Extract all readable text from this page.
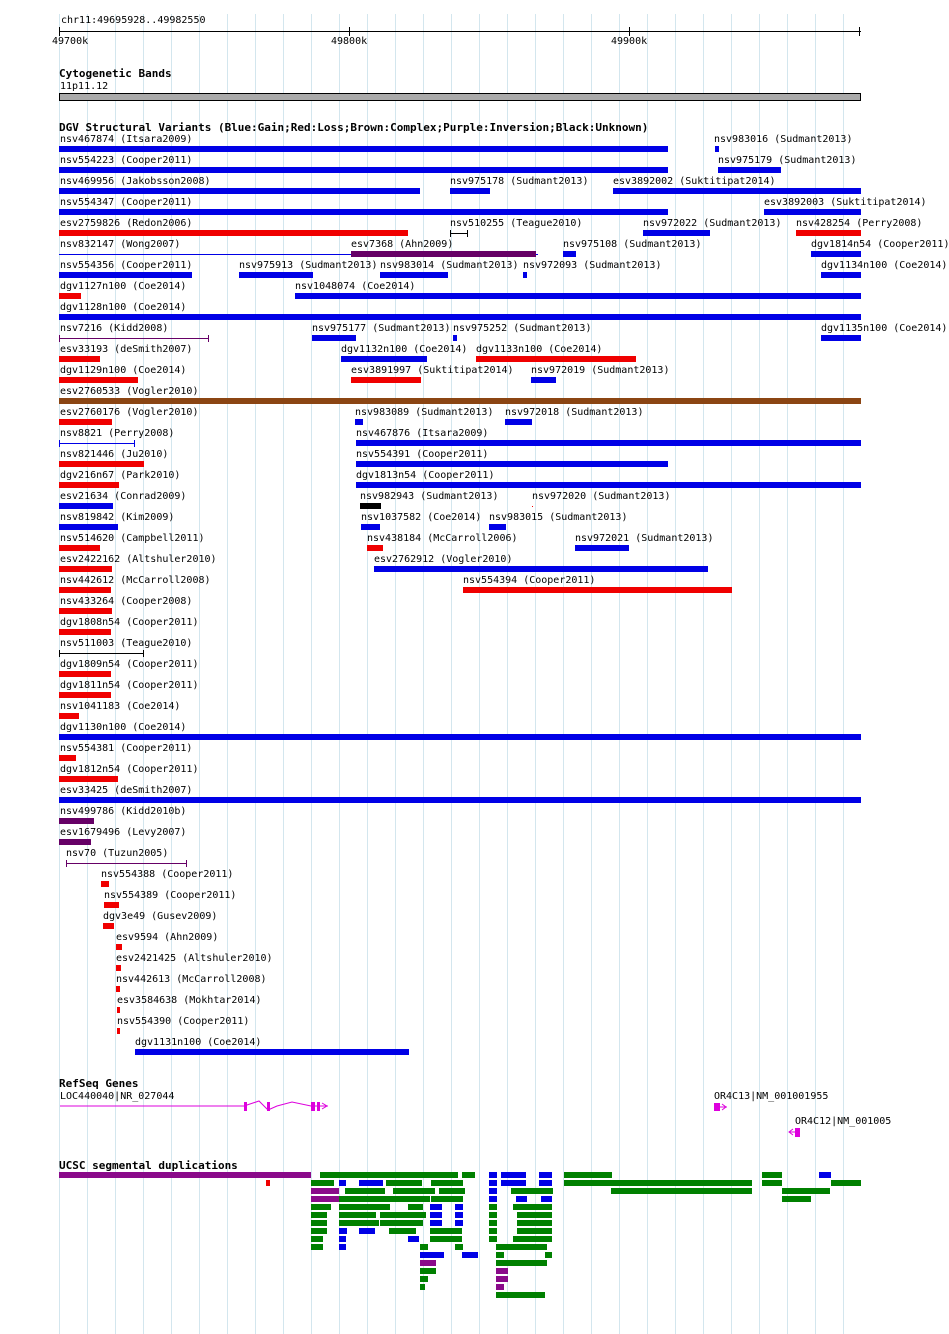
chr11:49695928..49982550
49700k	49800k	49900k
Cytogenetic Bands
11p11.12
DGV Structural Variants (Blue:Gain;Red:Loss;Brown:Complex;Purple:Inversion;Black:Unknown)
nsv467874 (Itsara2009)
nsv554223 (Cooper2011)
nsv469956 (Jakobsson2008)
nsv554347 (Cooper2011)
esv2759826 (Redon2006)
nsv832147 (Wong2007)
nsv554356 (Cooper2011)
dgv1127n100 (Coe2014)
dgv1128n100 (Coe2014)
nsv7216 (Kidd2008)
esv33193 (deSmith2007)
dgv1129n100 (Coe2014)
esv2760533 (Vogler2010)
esv2760176 (Vogler2010)
nsv8821 (Perry2008)
nsv821446 (Ju2010)
dgv216n67 (Park2010)
esv21634 (Conrad2009)
nsv819842 (Kim2009)
nsv514620 (Campbell2011)
esv2422162 (Altshuler2010)
nsv442612 (McCarroll2008)
nsv433264 (Cooper2008)
dgv1808n54 (Cooper2011)
nsv511003 (Teague2010)
dgv1809n54 (Cooper2011)
dgv1811n54 (Cooper2011)
nsv1041183 (Coe2014)
dgv1130n100 (Coe2014)
nsv554381 (Cooper2011)
dgv1812n54 (Cooper2011)
esv33425 (deSmith2007)
nsv499786 (Kidd2010b)
esv1679496 (Levy2007)
nsv70 (Tuzun2005)
nsv554388 (Cooper2011)
nsv554389 (Cooper2011)
dgv3e49 (Gusev2009)
esv9594 (Ahn2009)
esv2421425 (Altshuler2010)
nsv442613 (McCarroll2008)
esv3584638 (Mokhtar2014)
nsv554390 (Cooper2011)
dgv1131n100 (Coe2014)
nsv983016 (Sudmant2013)
nsv975179 (Sudmant2013)
nsv975178 (Sudmant2013) esv3892002 (Suktitipat2014)
esv3892003 (Suktitipat2014)
nsv510255 (Teague2010)	nsv972022 (Sudmant2013) nsv428254 (Perry2008)
esv7368 (Ahn2009)	nsv975108 (Sudmant2013)	dgv1814n54 (Cooper2011)
nsv975913 (Sudmant2013) nsv983014 (Sudmant2013) nsv972093 (Sudmant2013)	dgv1134n100 (Coe2014)
nsv1048074 (Coe2014)
nsv975177 (Sudmant2013) nsv975252 (Sudmant2013)	dgv1135n100 (Coe2014)
dgv1132n100 (Coe2014) dgv1133n100 (Coe2014)
esv3891997 (Suktitipat2014) nsv972019 (Sudmant2013)
nsv983089 (Sudmant2013) nsv972018 (Sudmant2013)
nsv467876 (Itsara2009)
nsv554391 (Cooper2011)
dgv1813n54 (Cooper2011)
nsv982943 (Sudmant2013)	nsv972020 (Sudmant2013)
nsv1037582 (Coe2014) nsv983015 (Sudmant2013)
nsv438184 (McCarroll2006)	nsv972021 (Sudmant2013)
esv2762912 (Vogler2010)
nsv554394 (Cooper2011)
RefSeq Genes
LOC440040|NR_027044	OR4C13|NM_001001955
OR4C12|NM_001005
UCSC segmental duplications
